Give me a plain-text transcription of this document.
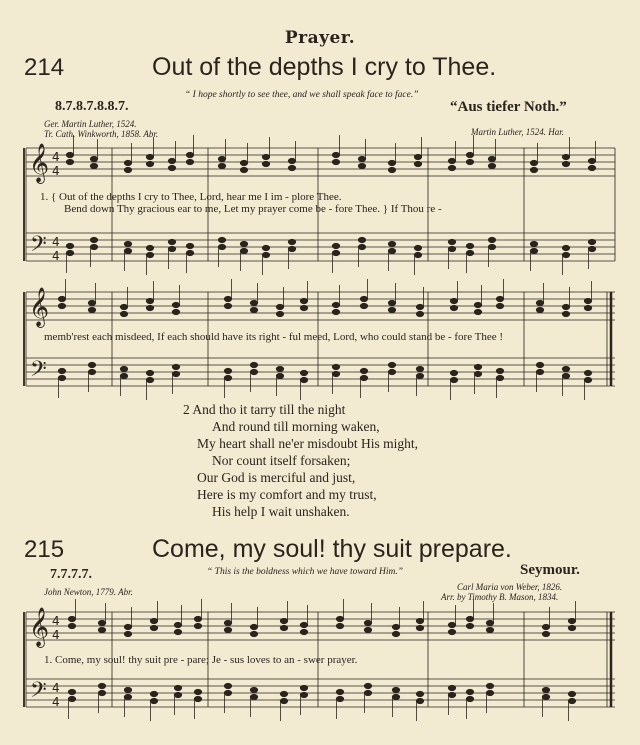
Prayer.
214	Out of the depths I cry to Thee.
8.7.8.7.8.8.7.
“ I hope shortly to see thee, and we shall speak face to face.”
“Aus tiefer Noth.”
Ger. Martin Luther, 1524.
Tr. Cath. Winkworth, 1858. Abr.	Martin Luther, 1524. Har.
𝄞
𝄞
𝄞
𝄢
𝄢
𝄢
4
4
4
4
4
4
4
4
1. { Out of the depths I cry to Thee, Lord, hear me I im - plore Thee.
Bend down Thy gracious ear to me, Let my prayer come be - fore Thee. } If Thou re -
memb'rest each misdeed, If each should have its right - ful meed, Lord, who could stand be - fore Thee !
2 And tho it tarry till the night
And round till morning waken,
My heart shall ne'er misdoubt His might,
Nor count itself forsaken;
Our God is merciful and just,
Here is my comfort and my trust,
His help I wait unshaken.
215	Come, my soul! thy suit prepare.
7.7.7.7.	“ This is the boldness which we have toward Him.”	Seymour.
John Newton, 1779. Abr.	Carl Maria von Weber, 1826.
Arr. by Timothy B. Mason, 1834.
1. Come, my soul! thy suit pre - pare; Je - sus loves to an - swer prayer.
